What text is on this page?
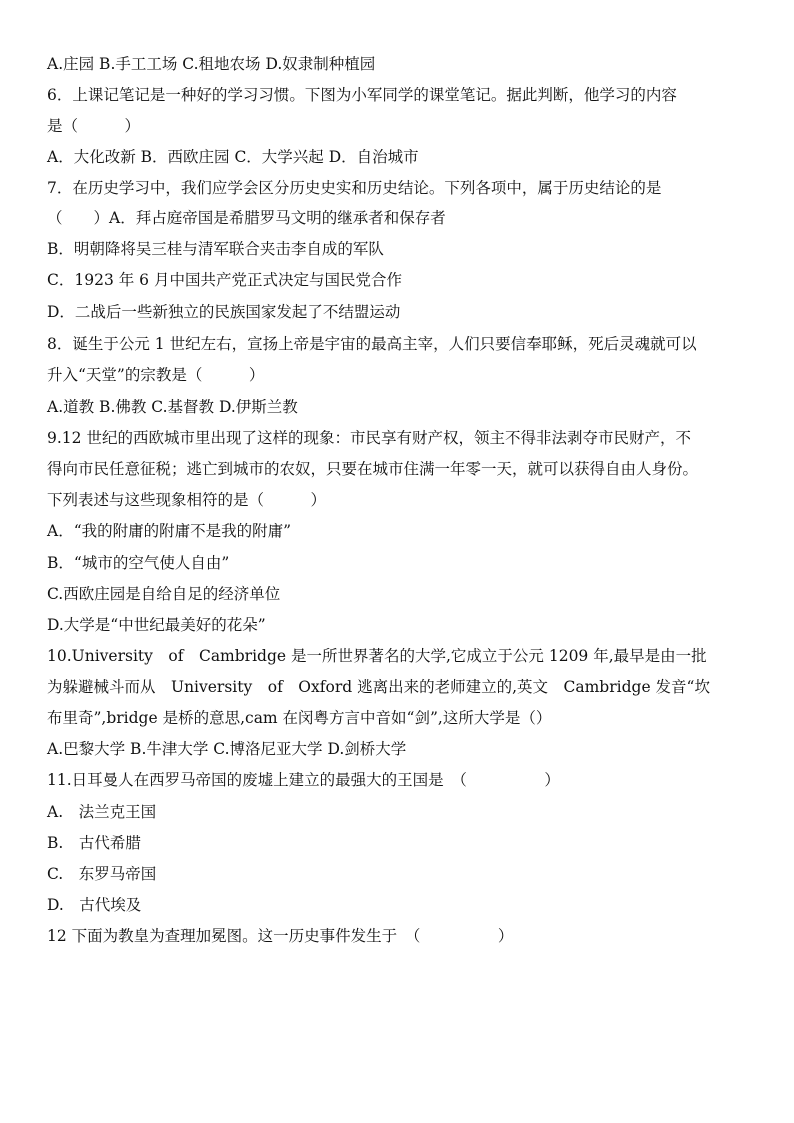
A.庄园 B.手工工场 C.租地农场 D.奴隶制种植园
6．上课记笔记是一种好的学习习惯。下图为小军同学的课堂笔记。据此判断，他学习的内容
是（　　　）
A．大化改新 B．西欧庄园 C．大学兴起 D．自治城市
7．在历史学习中，我们应学会区分历史史实和历史结论。下列各项中，属于历史结论的是
（　　）A．拜占庭帝国是希腊罗马文明的继承者和保存者
B．明朝降将吴三桂与清军联合夹击李自成的军队
C．1923 年 6 月中国共产党正式决定与国民党合作
D．二战后一些新独立的民族国家发起了不结盟运动
8．诞生于公元 1 世纪左右，宣扬上帝是宇宙的最高主宰，人们只要信奉耶稣，死后灵魂就可以
升入“天堂”的宗教是（　　　）
A.道教 B.佛教 C.基督教 D.伊斯兰教
9.12 世纪的西欧城市里出现了这样的现象：市民享有财产权，领主不得非法剥夺市民财产，不
得向市民任意征税；逃亡到城市的农奴，只要在城市住满一年零一天，就可以获得自由人身份。
下列表述与这些现象相符的是（　　　）
A．“我的附庸的附庸不是我的附庸”
B．“城市的空气使人自由”
C.西欧庄园是自给自足的经济单位
D.大学是“中世纪最美好的花朵”
10.University　of　Cambridge 是一所世界著名的大学,它成立于公元 1209 年,最早是由一批
为躲避械斗而从　University　of　Oxford 逃离出来的老师建立的,英文　Cambridge 发音“坎
布里奇”,bridge 是桥的意思,cam 在闵粤方言中音如“剑”,这所大学是（）
A.巴黎大学 B.牛津大学 C.博洛尼亚大学 D.剑桥大学
11.日耳曼人在西罗马帝国的废墟上建立的最强大的王国是　（　　　　　）
A.　法兰克王国
B.　古代希腊
C.　东罗马帝国
D.　古代埃及
12 下面为教皇为查理加冕图。这一历史事件发生于　（　　　　　）
